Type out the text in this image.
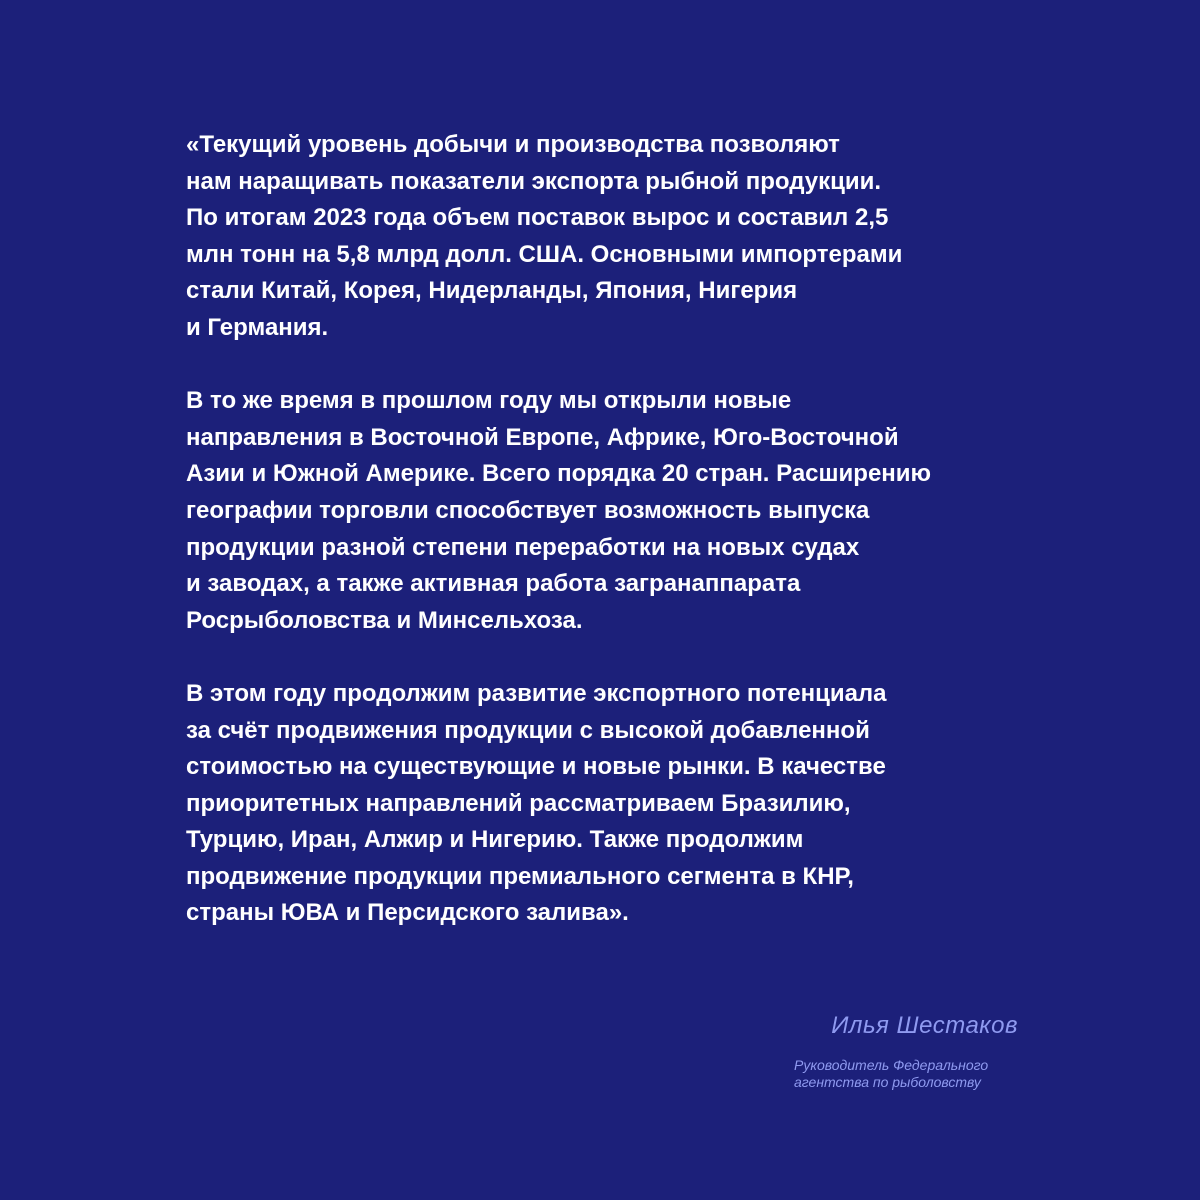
«Текущий уровень добычи и производства позволяют
нам наращивать показатели экспорта рыбной продукции.
По итогам 2023 года объем поставок вырос и составил 2,5
млн тонн на 5,8 млрд долл. США. Основными импортерами
стали Китай, Корея, Нидерланды, Япония, Нигерия
и Германия.

В то же время в прошлом году мы открыли новые
направления в Восточной Европе, Африке, Юго-Восточной
Азии и Южной Америке. Всего порядка 20 стран. Расширению
географии торговли способствует возможность выпуска
продукции разной степени переработки на новых судах
и заводах, а также активная работа загранаппарата
Росрыболовства и Минсельхоза.

В этом году продолжим развитие экспортного потенциала
за счёт продвижения продукции с высокой добавленной
стоимостью на существующие и новые рынки. В качестве
приоритетных направлений рассматриваем Бразилию,
Турцию, Иран, Алжир и Нигерию. Также продолжим
продвижение продукции премиального сегмента в КНР,
страны ЮВА и Персидского залива».

Илья Шестаков
Руководитель Федерального
агентства по рыболовству
